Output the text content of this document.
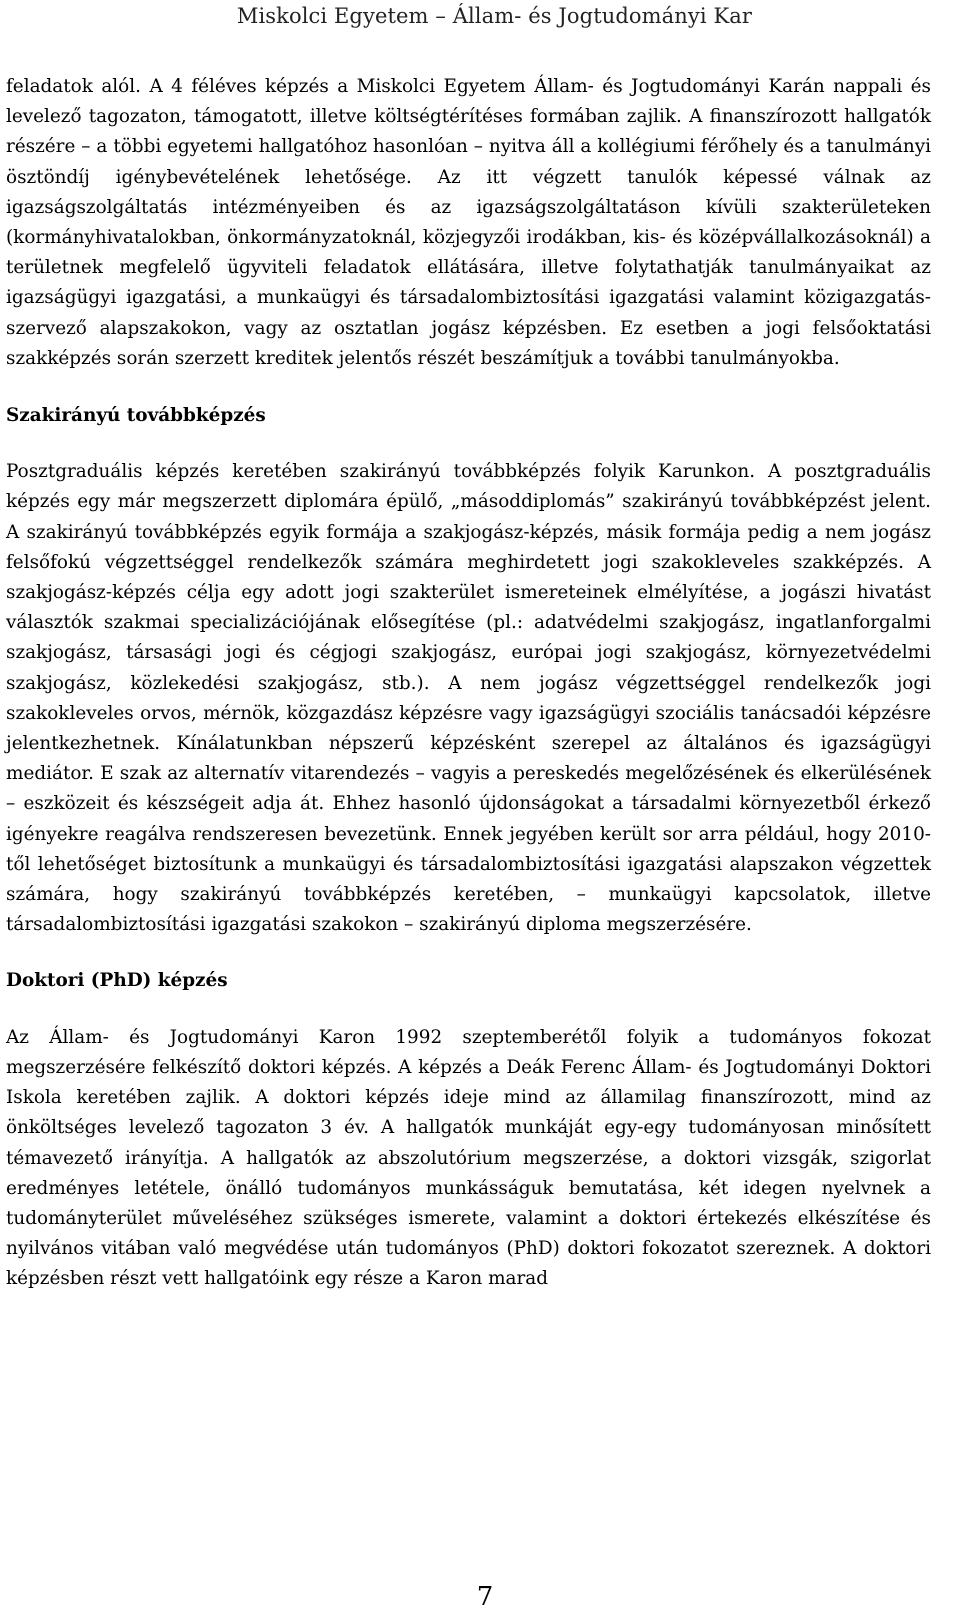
Miskolci Egyetem – Állam- és Jogtudományi Kar

feladatok alól. A 4 féléves képzés a Miskolci Egyetem Állam- és Jogtudományi Karán nappali és levelező tagozaton, támogatott, illetve költségtérítéses formában zajlik. A finanszírozott hallgatók részére – a többi egyetemi hallgatóhoz hasonlóan – nyitva áll a kollégiumi férőhely és a tanulmányi ösztöndíj igénybevételének lehetősége. Az itt végzett tanulók képessé válnak az igazságszolgáltatás intézményeiben és az igazságszolgáltatáson kívüli szakterületeken (kormányhivatalokban, önkormányzatoknál, közjegyzői irodákban, kis- és középvállalkozásoknál) a területnek megfelelő ügyviteli feladatok ellátására, illetve folytathatják tanulmányaikat az igazságügyi igazgatási, a munkaügyi és társadalombiztosítási igazgatási valamint közigazgatás-szervező alapszakokon, vagy az osztatlan jogász képzésben. Ez esetben a jogi felsőoktatási szakképzés során szerzett kreditek jelentős részét beszámítjuk a további tanulmányokba.

Szakirányú továbbképzés

Posztgraduális képzés keretében szakirányú továbbképzés folyik Karunkon. A posztgraduális képzés egy már megszerzett diplomára épülő, „másoddiplomás” szakirányú továbbképzést jelent. A szakirányú továbbképzés egyik formája a szakjogász-képzés, másik formája pedig a nem jogász felsőfokú végzettséggel rendelkezők számára meghirdetett jogi szakokleveles szakképzés. A szakjogász-képzés célja egy adott jogi szakterület ismereteinek elmélyítése, a jogászi hivatást választók szakmai specializációjának elősegítése (pl.: adatvédelmi szakjogász, ingatlanforgalmi szakjogász, társasági jogi és cégjogi szakjogász, európai jogi szakjogász, környezetvédelmi szakjogász, közlekedési szakjogász, stb.). A nem jogász végzettséggel rendelkezők jogi szakokleveles orvos, mérnök, közgazdász képzésre vagy igazságügyi szociális tanácsadói képzésre jelentkezhetnek. Kínálatunkban népszerű képzésként szerepel az általános és igazságügyi mediátor. E szak az alternatív vitarendezés – vagyis a pereskedés megelőzésének és elkerülésének – eszközeit és készségeit adja át. Ehhez hasonló újdonságokat a társadalmi környezetből érkező igényekre reagálva rendszeresen bevezetünk. Ennek jegyében került sor arra például, hogy 2010-től lehetőséget biztosítunk a munkaügyi és társadalombiztosítási igazgatási alapszakon végzettek számára, hogy szakirányú továbbképzés keretében, – munkaügyi kapcsolatok, illetve társadalombiztosítási igazgatási szakokon – szakirányú diploma megszerzésére.

Doktori (PhD) képzés

Az Állam- és Jogtudományi Karon 1992 szeptemberétől folyik a tudományos fokozat megszerzésére felkészítő doktori képzés. A képzés a Deák Ferenc Állam- és Jogtudományi Doktori Iskola keretében zajlik. A doktori képzés ideje mind az államilag finanszírozott, mind az önköltséges levelező tagozaton 3 év. A hallgatók munkáját egy-egy tudományosan minősített témavezető irányítja. A hallgatók az abszolutórium megszerzése, a doktori vizsgák, szigorlat eredményes letétele, önálló tudományos munkásságuk bemutatása, két idegen nyelvnek a tudományterület műveléséhez szükséges ismerete, valamint a doktori értekezés elkészítése és nyilvános vitában való megvédése után tudományos (PhD) doktori fokozatot szereznek. A doktori képzésben részt vett hallgatóink egy része a Karon marad

7
